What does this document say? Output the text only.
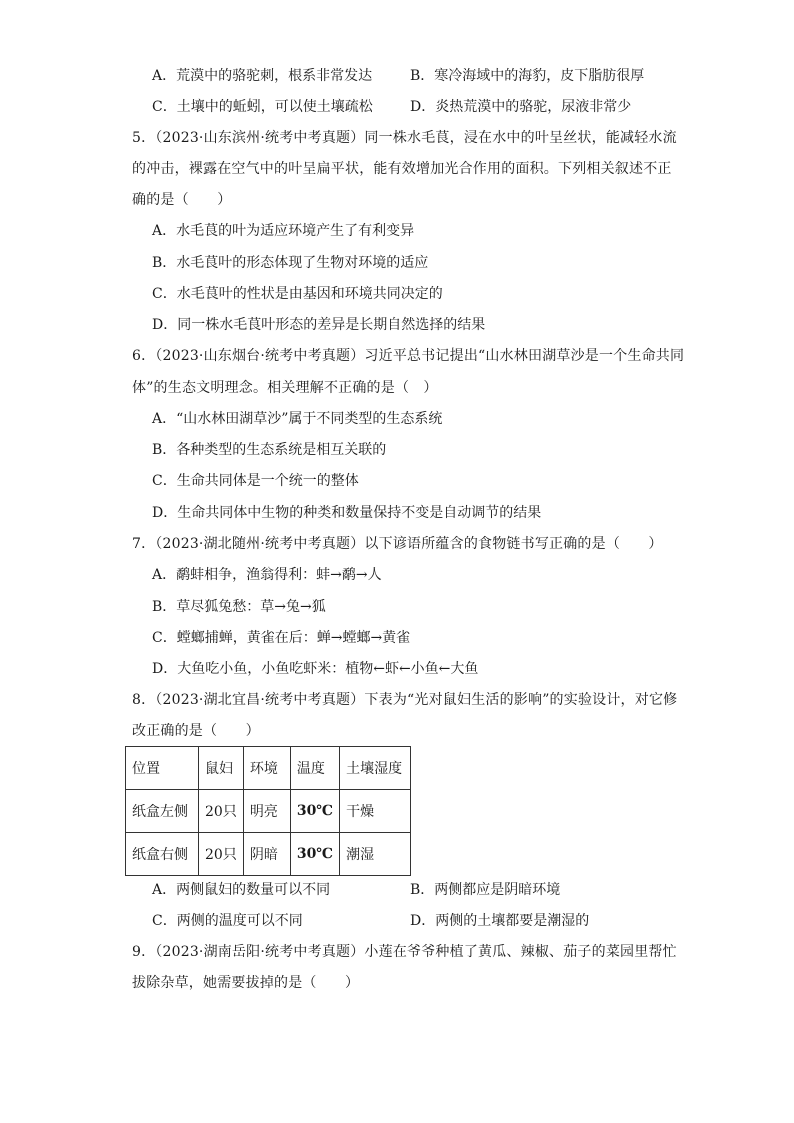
A．荒漠中的骆驼刺，根系非常发达	B．寒冷海域中的海豹，皮下脂肪很厚
C．土壤中的蚯蚓，可以使土壤疏松	D．炎热荒漠中的骆驼，尿液非常少
5．（2023·山东滨州·统考中考真题）同一株水毛茛，浸在水中的叶呈丝状，能减轻水流
的冲击，裸露在空气中的叶呈扁平状，能有效增加光合作用的面积。下列相关叙述不正
确的是（　　）
A．水毛茛的叶为适应环境产生了有利变异
B．水毛茛叶的形态体现了生物对环境的适应
C．水毛茛叶的性状是由基因和环境共同决定的
D．同一株水毛茛叶形态的差异是长期自然选择的结果
6．（2023·山东烟台·统考中考真题）习近平总书记提出“山水林田湖草沙是一个生命共同
体”的生态文明理念。相关理解不正确的是（　）
A．“山水林田湖草沙”属于不同类型的生态系统
B．各种类型的生态系统是相互关联的
C．生命共同体是一个统一的整体
D．生命共同体中生物的种类和数量保持不变是自动调节的结果
7．（2023·湖北随州·统考中考真题）以下谚语所蕴含的食物链书写正确的是（　　）
A．鹬蚌相争，渔翁得利：蚌→鹬→人
B．草尽狐兔愁：草→兔→狐
C．螳螂捕蝉，黄雀在后：蝉→螳螂→黄雀
D．大鱼吃小鱼，小鱼吃虾米：植物←虾←小鱼←大鱼
8．（2023·湖北宜昌·统考中考真题）下表为“光对鼠妇生活的影响”的实验设计，对它修
改正确的是（　　）
位置	鼠妇	环境	温度	土壤湿度
纸盒左侧	20只	明亮	30℃	干燥
纸盒右侧	20只	阴暗	30℃	潮湿
A．两侧鼠妇的数量可以不同	B．两侧都应是阴暗环境
C．两侧的温度可以不同	D．两侧的土壤都要是潮湿的
9．（2023·湖南岳阳·统考中考真题）小莲在爷爷种植了黄瓜、辣椒、茄子的菜园里帮忙
拔除杂草，她需要拔掉的是（　　）
